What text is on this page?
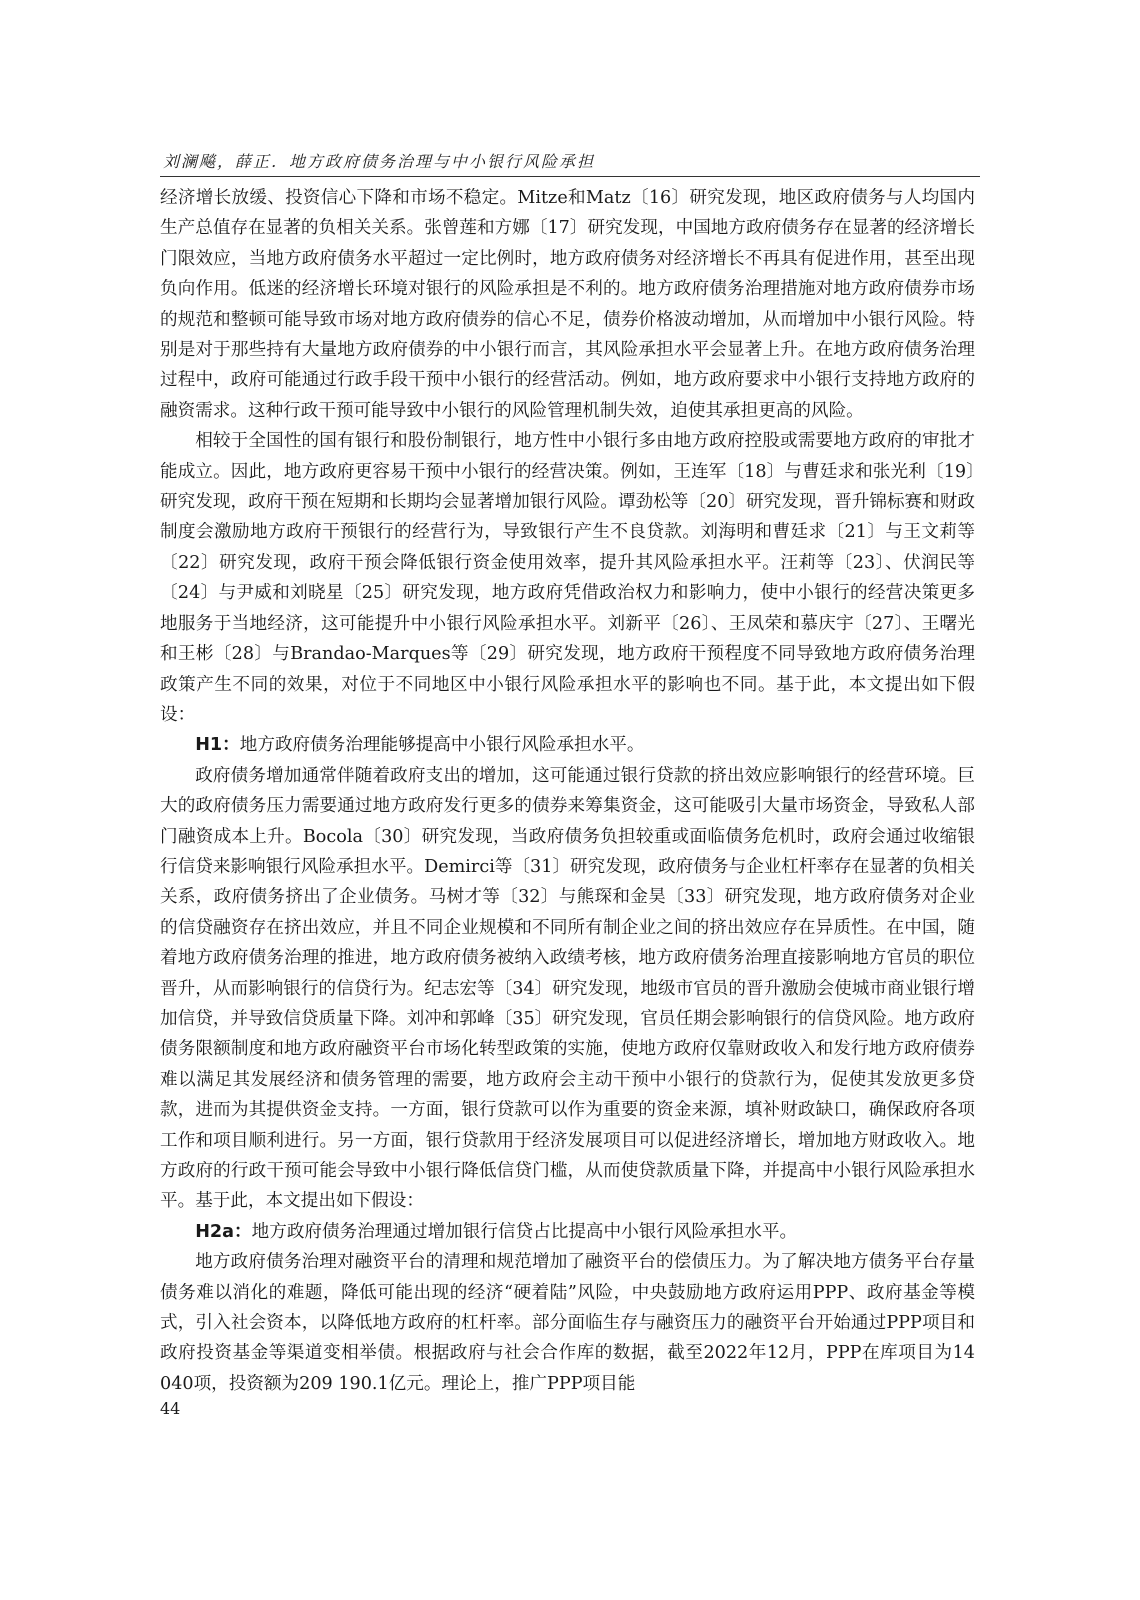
刘澜飚，薛正．地方政府债务治理与中小银行风险承担

经济增长放缓、投资信心下降和市场不稳定。Mitze和Matz〔16〕研究发现，地区政府债务与人均国内生产总值存在显著的负相关关系。张曾莲和方娜〔17〕研究发现，中国地方政府债务存在显著的经济增长门限效应，当地方政府债务水平超过一定比例时，地方政府债务对经济增长不再具有促进作用，甚至出现负向作用。低迷的经济增长环境对银行的风险承担是不利的。地方政府债务治理措施对地方政府债券市场的规范和整顿可能导致市场对地方政府债券的信心不足，债券价格波动增加，从而增加中小银行风险。特别是对于那些持有大量地方政府债券的中小银行而言，其风险承担水平会显著上升。在地方政府债务治理过程中，政府可能通过行政手段干预中小银行的经营活动。例如，地方政府要求中小银行支持地方政府的融资需求。这种行政干预可能导致中小银行的风险管理机制失效，迫使其承担更高的风险。

相较于全国性的国有银行和股份制银行，地方性中小银行多由地方政府控股或需要地方政府的审批才能成立。因此，地方政府更容易干预中小银行的经营决策。例如，王连军〔18〕与曹廷求和张光利〔19〕研究发现，政府干预在短期和长期均会显著增加银行风险。谭劲松等〔20〕研究发现，晋升锦标赛和财政制度会激励地方政府干预银行的经营行为，导致银行产生不良贷款。刘海明和曹廷求〔21〕与王文莉等〔22〕研究发现，政府干预会降低银行资金使用效率，提升其风险承担水平。汪莉等〔23〕、伏润民等〔24〕与尹威和刘晓星〔25〕研究发现，地方政府凭借政治权力和影响力，使中小银行的经营决策更多地服务于当地经济，这可能提升中小银行风险承担水平。刘新平〔26〕、王凤荣和慕庆宇〔27〕、王曙光和王彬〔28〕与Brandao-Marques等〔29〕研究发现，地方政府干预程度不同导致地方政府债务治理政策产生不同的效果，对位于不同地区中小银行风险承担水平的影响也不同。基于此，本文提出如下假设：

H1：地方政府债务治理能够提高中小银行风险承担水平。

政府债务增加通常伴随着政府支出的增加，这可能通过银行贷款的挤出效应影响银行的经营环境。巨大的政府债务压力需要通过地方政府发行更多的债券来筹集资金，这可能吸引大量市场资金，导致私人部门融资成本上升。Bocola〔30〕研究发现，当政府债务负担较重或面临债务危机时，政府会通过收缩银行信贷来影响银行风险承担水平。Demirci等〔31〕研究发现，政府债务与企业杠杆率存在显著的负相关关系，政府债务挤出了企业债务。马树才等〔32〕与熊琛和金昊〔33〕研究发现，地方政府债务对企业的信贷融资存在挤出效应，并且不同企业规模和不同所有制企业之间的挤出效应存在异质性。在中国，随着地方政府债务治理的推进，地方政府债务被纳入政绩考核，地方政府债务治理直接影响地方官员的职位晋升，从而影响银行的信贷行为。纪志宏等〔34〕研究发现，地级市官员的晋升激励会使城市商业银行增加信贷，并导致信贷质量下降。刘冲和郭峰〔35〕研究发现，官员任期会影响银行的信贷风险。地方政府债务限额制度和地方政府融资平台市场化转型政策的实施，使地方政府仅靠财政收入和发行地方政府债券难以满足其发展经济和债务管理的需要，地方政府会主动干预中小银行的贷款行为，促使其发放更多贷款，进而为其提供资金支持。一方面，银行贷款可以作为重要的资金来源，填补财政缺口，确保政府各项工作和项目顺利进行。另一方面，银行贷款用于经济发展项目可以促进经济增长，增加地方财政收入。地方政府的行政干预可能会导致中小银行降低信贷门槛，从而使贷款质量下降，并提高中小银行风险承担水平。基于此，本文提出如下假设：

H2a：地方政府债务治理通过增加银行信贷占比提高中小银行风险承担水平。

地方政府债务治理对融资平台的清理和规范增加了融资平台的偿债压力。为了解决地方债务平台存量债务难以消化的难题，降低可能出现的经济“硬着陆”风险，中央鼓励地方政府运用PPP、政府基金等模式，引入社会资本，以降低地方政府的杠杆率。部分面临生存与融资压力的融资平台开始通过PPP项目和政府投资基金等渠道变相举债。根据政府与社会合作库的数据，截至2022年12月，PPP在库项目为14 040项，投资额为209 190.1亿元。理论上，推广PPP项目能

44
